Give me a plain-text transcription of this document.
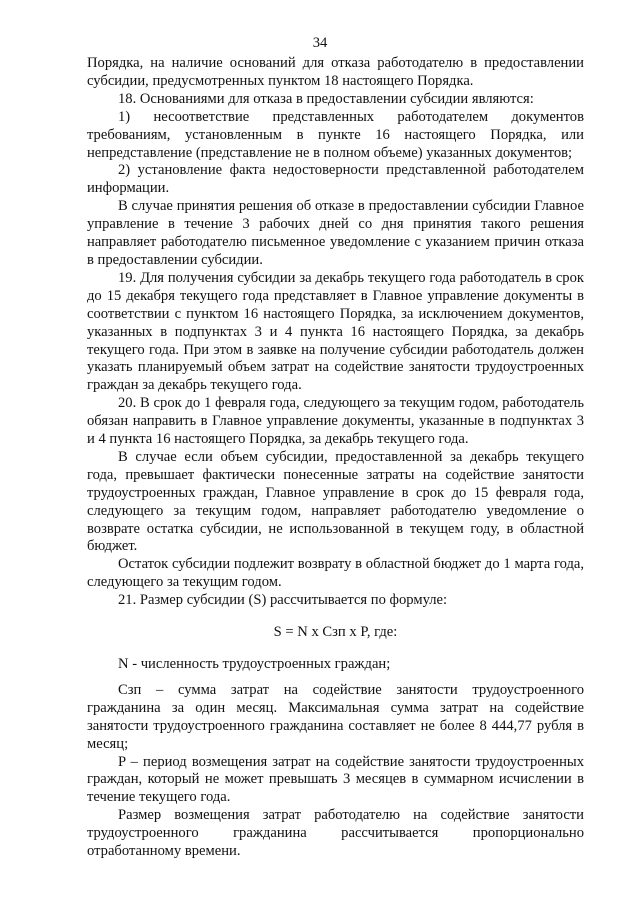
34

Порядка, на наличие оснований для отказа работодателю в предоставлении субсидии, предусмотренных пунктом 18 настоящего Порядка.

18. Основаниями для отказа в предоставлении субсидии являются:

1) несоответствие представленных работодателем документов требованиям, установленным в пункте 16 настоящего Порядка, или непредставление (представление не в полном объеме) указанных документов;

2) установление факта недостоверности представленной работодателем информации.

В случае принятия решения об отказе в предоставлении субсидии Главное управление в течение 3 рабочих дней со дня принятия такого решения направляет работодателю письменное уведомление с указанием причин отказа в предоставлении субсидии.

19. Для получения субсидии за декабрь текущего года работодатель в срок до 15 декабря текущего года представляет в Главное управление документы в соответствии с пунктом 16 настоящего Порядка, за исключением документов, указанных в подпунктах 3 и 4 пункта 16 настоящего Порядка, за декабрь текущего года. При этом в заявке на получение субсидии работодатель должен указать планируемый объем затрат на содействие занятости трудоустроенных граждан за декабрь текущего года.

20. В срок до 1 февраля года, следующего за текущим годом, работодатель обязан направить в Главное управление документы, указанные в подпунктах 3 и 4 пункта 16 настоящего Порядка, за декабрь текущего года.

В случае если объем субсидии, предоставленной за декабрь текущего года, превышает фактически понесенные затраты на содействие занятости трудоустроенных граждан, Главное управление в срок до 15 февраля года, следующего за текущим годом, направляет работодателю уведомление о возврате остатка субсидии, не использованной в текущем году, в областной бюджет.

Остаток субсидии подлежит возврату в областной бюджет до 1 марта года, следующего за текущим годом.

21. Размер субсидии (S) рассчитывается по формуле:

S = N x Сзп x P, где:

N - численность трудоустроенных граждан;

Сзп – сумма затрат на содействие занятости трудоустроенного гражданина за один месяц. Максимальная сумма затрат на содействие занятости трудоустроенного гражданина составляет не более 8 444,77 рубля в месяц;

P – период возмещения затрат на содействие занятости трудоустроенных граждан, который не может превышать 3 месяцев в суммарном исчислении в течение текущего года.

Размер возмещения затрат работодателю на содействие занятости трудоустроенного гражданина рассчитывается пропорционально отработанному времени.
